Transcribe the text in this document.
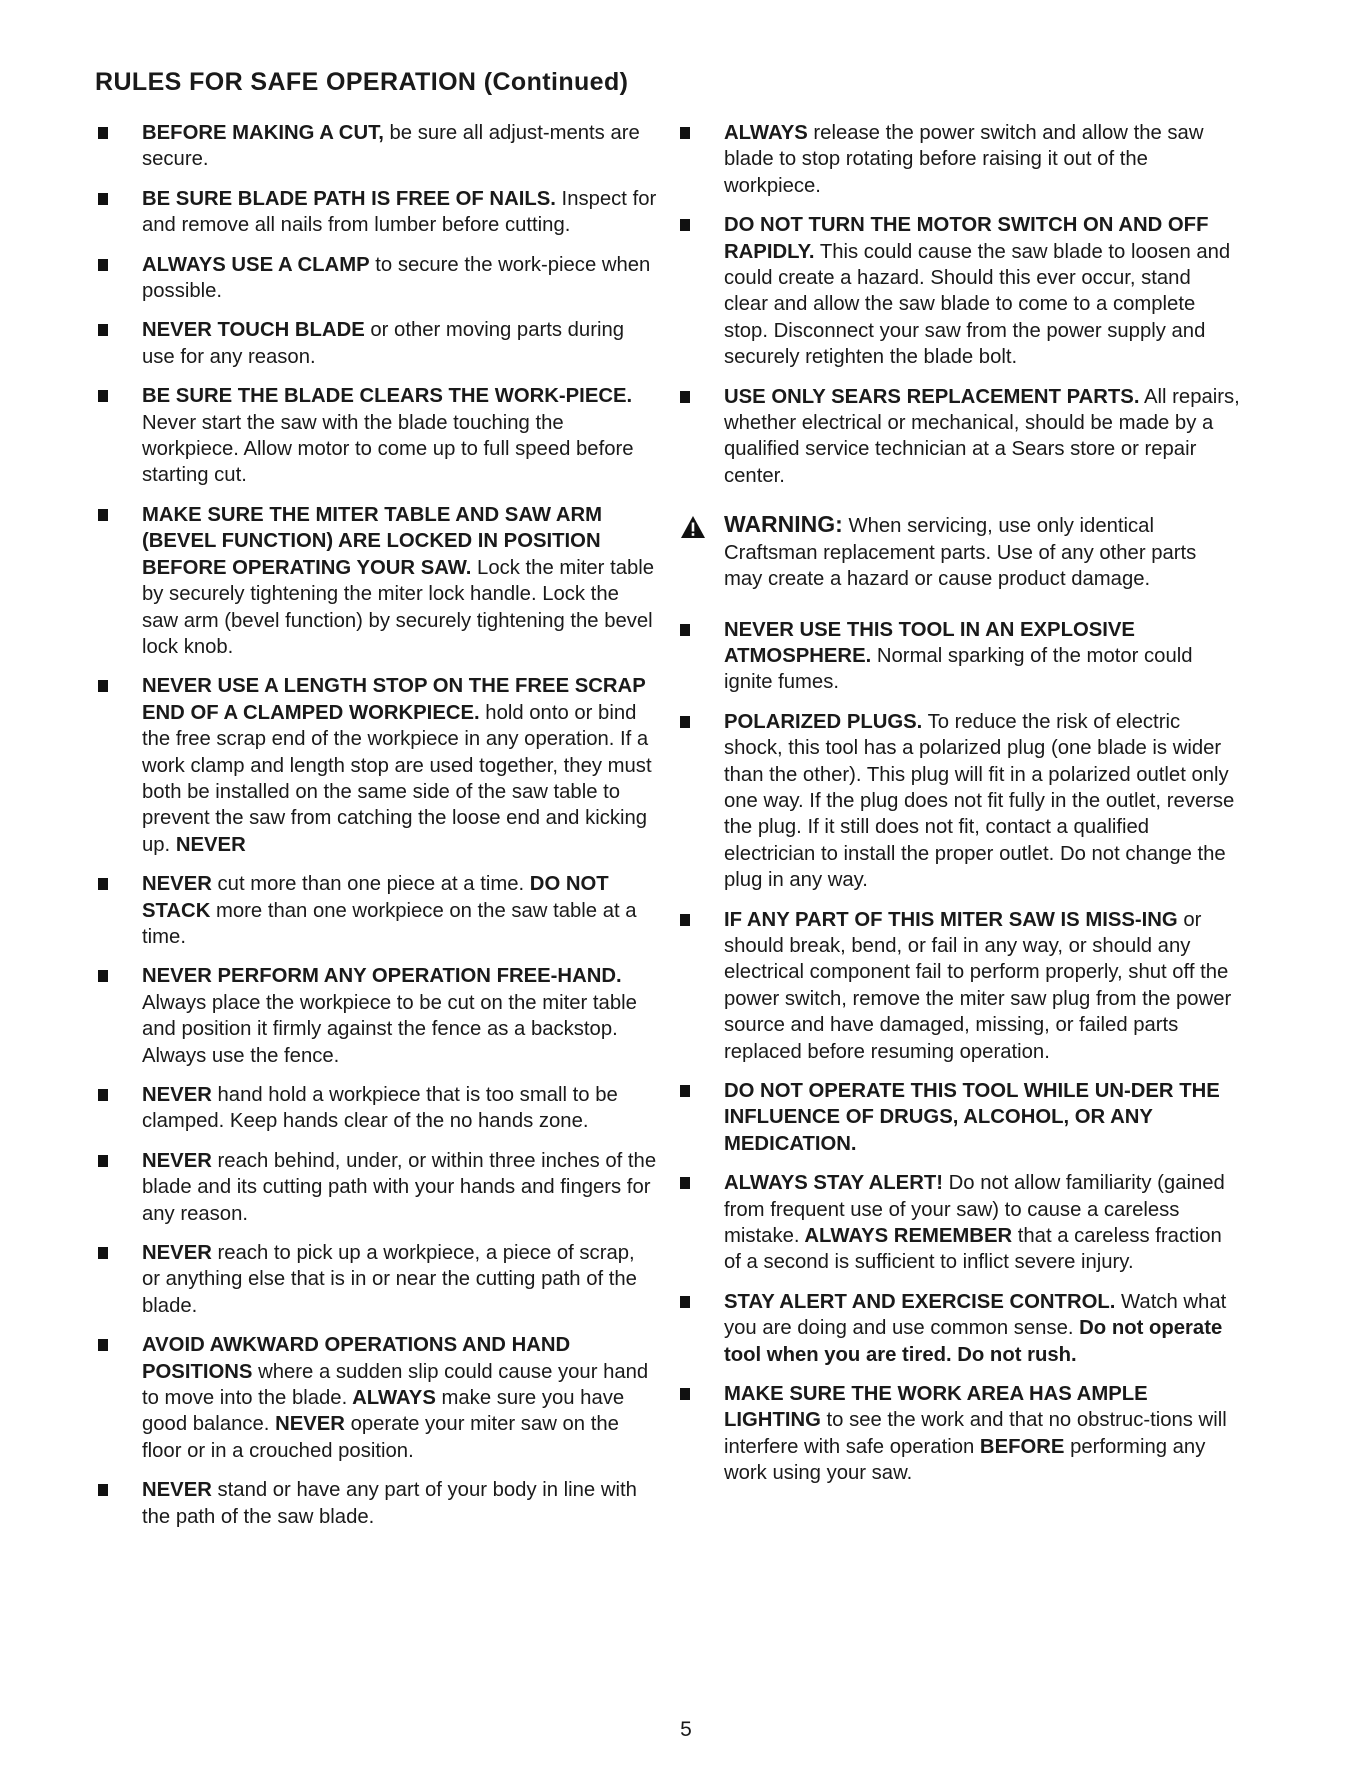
RULES FOR SAFE OPERATION (Continued)
BEFORE MAKING A CUT, be sure all adjust-ments are secure.
BE SURE BLADE PATH IS FREE OF NAILS. Inspect for and remove all nails from lumber before cutting.
ALWAYS USE A CLAMP to secure the work-piece when possible.
NEVER TOUCH BLADE or other moving parts during use for any reason.
BE SURE THE BLADE CLEARS THE WORK-PIECE. Never start the saw with the blade touching the workpiece. Allow motor to come up to full speed before starting cut.
MAKE SURE THE MITER TABLE AND SAW ARM (BEVEL FUNCTION) ARE LOCKED IN POSITION BEFORE OPERATING YOUR SAW. Lock the miter table by securely tightening the miter lock handle. Lock the saw arm (bevel function) by securely tightening the bevel lock knob.
NEVER USE A LENGTH STOP ON THE FREE SCRAP END OF A CLAMPED WORKPIECE. hold onto or bind the free scrap end of the workpiece in any operation. If a work clamp and length stop are used together, they must both be installed on the same side of the saw table to prevent the saw from catching the loose end and kicking up. NEVER
NEVER cut more than one piece at a time. DO NOT STACK more than one workpiece on the saw table at a time.
NEVER PERFORM ANY OPERATION FREE-HAND. Always place the workpiece to be cut on the miter table and position it firmly against the fence as a backstop. Always use the fence.
NEVER hand hold a workpiece that is too small to be clamped. Keep hands clear of the no hands zone.
NEVER reach behind, under, or within three inches of the blade and its cutting path with your hands and fingers for any reason.
NEVER reach to pick up a workpiece, a piece of scrap, or anything else that is in or near the cutting path of the blade.
AVOID AWKWARD OPERATIONS AND HAND POSITIONS where a sudden slip could cause your hand to move into the blade. ALWAYS make sure you have good balance. NEVER operate your miter saw on the floor or in a crouched position.
NEVER stand or have any part of your body in line with the path of the saw blade.
ALWAYS release the power switch and allow the saw blade to stop rotating before raising it out of the workpiece.
DO NOT TURN THE MOTOR SWITCH ON AND OFF RAPIDLY. This could cause the saw blade to loosen and could create a hazard. Should this ever occur, stand clear and allow the saw blade to come to a complete stop. Disconnect your saw from the power supply and securely retighten the blade bolt.
USE ONLY SEARS REPLACEMENT PARTS. All repairs, whether electrical or mechanical, should be made by a qualified service technician at a Sears store or repair center.
WARNING: When servicing, use only identical Craftsman replacement parts. Use of any other parts may create a hazard or cause product damage.
NEVER USE THIS TOOL IN AN EXPLOSIVE ATMOSPHERE. Normal sparking of the motor could ignite fumes.
POLARIZED PLUGS. To reduce the risk of electric shock, this tool has a polarized plug (one blade is wider than the other). This plug will fit in a polarized outlet only one way. If the plug does not fit fully in the outlet, reverse the plug. If it still does not fit, contact a qualified electrician to install the proper outlet. Do not change the plug in any way.
IF ANY PART OF THIS MITER SAW IS MISS-ING or should break, bend, or fail in any way, or should any electrical component fail to perform properly, shut off the power switch, remove the miter saw plug from the power source and have damaged, missing, or failed parts replaced before resuming operation.
DO NOT OPERATE THIS TOOL WHILE UN-DER THE INFLUENCE OF DRUGS, ALCOHOL, OR ANY MEDICATION.
ALWAYS STAY ALERT! Do not allow familiarity (gained from frequent use of your saw) to cause a careless mistake. ALWAYS REMEMBER that a careless fraction of a second is sufficient to inflict severe injury.
STAY ALERT AND EXERCISE CONTROL. Watch what you are doing and use common sense. Do not operate tool when you are tired. Do not rush.
MAKE SURE THE WORK AREA HAS AMPLE LIGHTING to see the work and that no obstruc-tions will interfere with safe operation BEFORE performing any work using your saw.
5
